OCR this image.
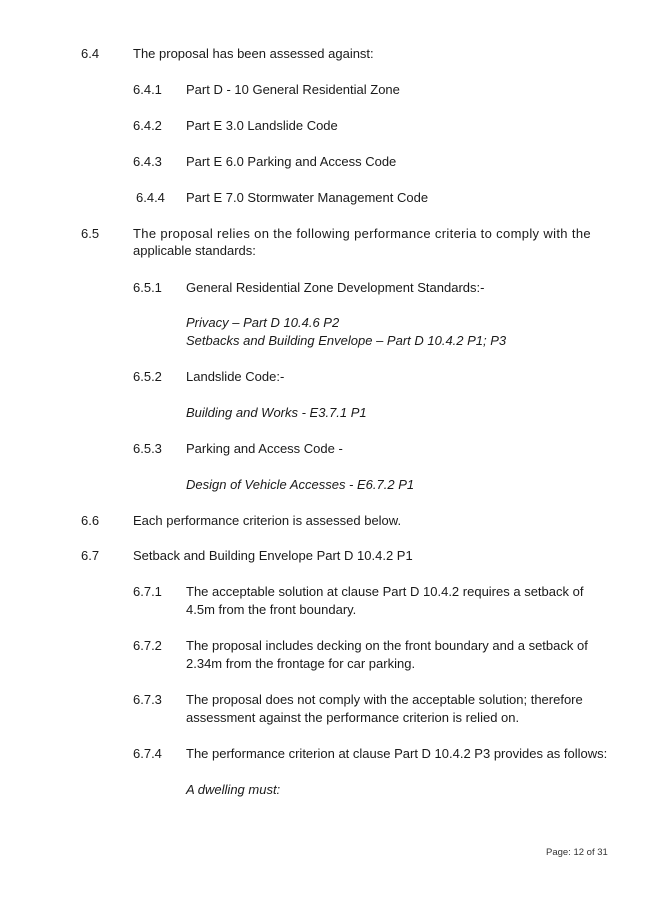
6.4	The proposal has been assessed against:
6.4.1 Part D - 10 General Residential Zone
6.4.2 Part E 3.0 Landslide Code
6.4.3 Part E 6.0 Parking and Access Code
6.4.4 Part E 7.0 Stormwater Management Code
6.5	The proposal relies on the following performance criteria to comply with the
applicable standards:
6.5.1 General Residential Zone Development Standards:-
Privacy – Part D 10.4.6 P2
Setbacks and Building Envelope – Part D 10.4.2 P1; P3
6.5.2 Landslide Code:-
Building and Works - E3.7.1 P1
6.5.3 Parking and Access Code -
Design of Vehicle Accesses - E6.7.2 P1
6.6	Each performance criterion is assessed below.
6.7	Setback and Building Envelope Part D 10.4.2 P1
6.7.1 The acceptable solution at clause Part D 10.4.2 requires a setback of
4.5m from the front boundary.
6.7.2 The proposal includes decking on the front boundary and a setback of
2.34m from the frontage for car parking.
6.7.3 The proposal does not comply with the acceptable solution; therefore
assessment against the performance criterion is relied on.
6.7.4 The performance criterion at clause Part D 10.4.2 P3 provides as follows:
A dwelling must:
Page: 12 of 31
